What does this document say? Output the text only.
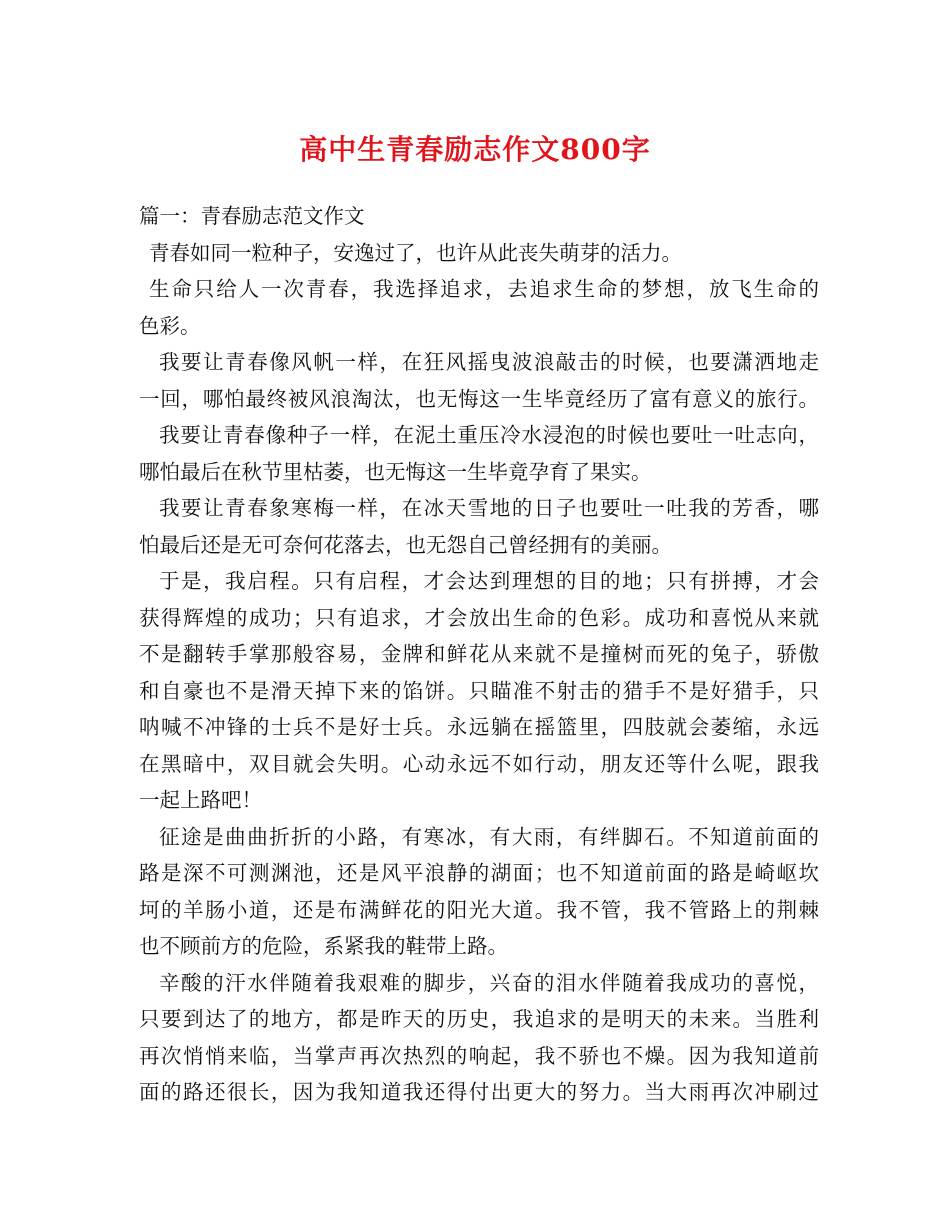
高中生青春励志作文800字
篇一：青春励志范文作文
青春如同一粒种子，安逸过了，也许从此丧失萌芽的活力。
生命只给人一次青春，我选择追求，去追求生命的梦想，放飞生命的
色彩。
我要让青春像风帆一样，在狂风摇曳波浪敲击的时候，也要潇洒地走
一回，哪怕最终被风浪淘汰，也无悔这一生毕竟经历了富有意义的旅行。
我要让青春像种子一样，在泥土重压冷水浸泡的时候也要吐一吐志向，
哪怕最后在秋节里枯萎，也无悔这一生毕竟孕育了果实。
我要让青春象寒梅一样，在冰天雪地的日子也要吐一吐我的芳香，哪
怕最后还是无可奈何花落去，也无怨自己曾经拥有的美丽。
于是，我启程。只有启程，才会达到理想的目的地；只有拼搏，才会
获得辉煌的成功；只有追求，才会放出生命的色彩。成功和喜悦从来就
不是翻转手掌那般容易，金牌和鲜花从来就不是撞树而死的兔子，骄傲
和自豪也不是滑天掉下来的馅饼。只瞄准不射击的猎手不是好猎手，只
呐喊不冲锋的士兵不是好士兵。永远躺在摇篮里，四肢就会萎缩，永远
在黑暗中，双目就会失明。心动永远不如行动，朋友还等什么呢，跟我
一起上路吧！
征途是曲曲折折的小路，有寒冰，有大雨，有绊脚石。不知道前面的
路是深不可测渊池，还是风平浪静的湖面；也不知道前面的路是崎岖坎
坷的羊肠小道，还是布满鲜花的阳光大道。我不管，我不管路上的荆棘
也不顾前方的危险，系紧我的鞋带上路。
辛酸的汗水伴随着我艰难的脚步，兴奋的泪水伴随着我成功的喜悦，
只要到达了的地方，都是昨天的历史，我追求的是明天的未来。当胜利
再次悄悄来临，当掌声再次热烈的响起，我不骄也不燥。因为我知道前
面的路还很长，因为我知道我还得付出更大的努力。当大雨再次冲刷过
